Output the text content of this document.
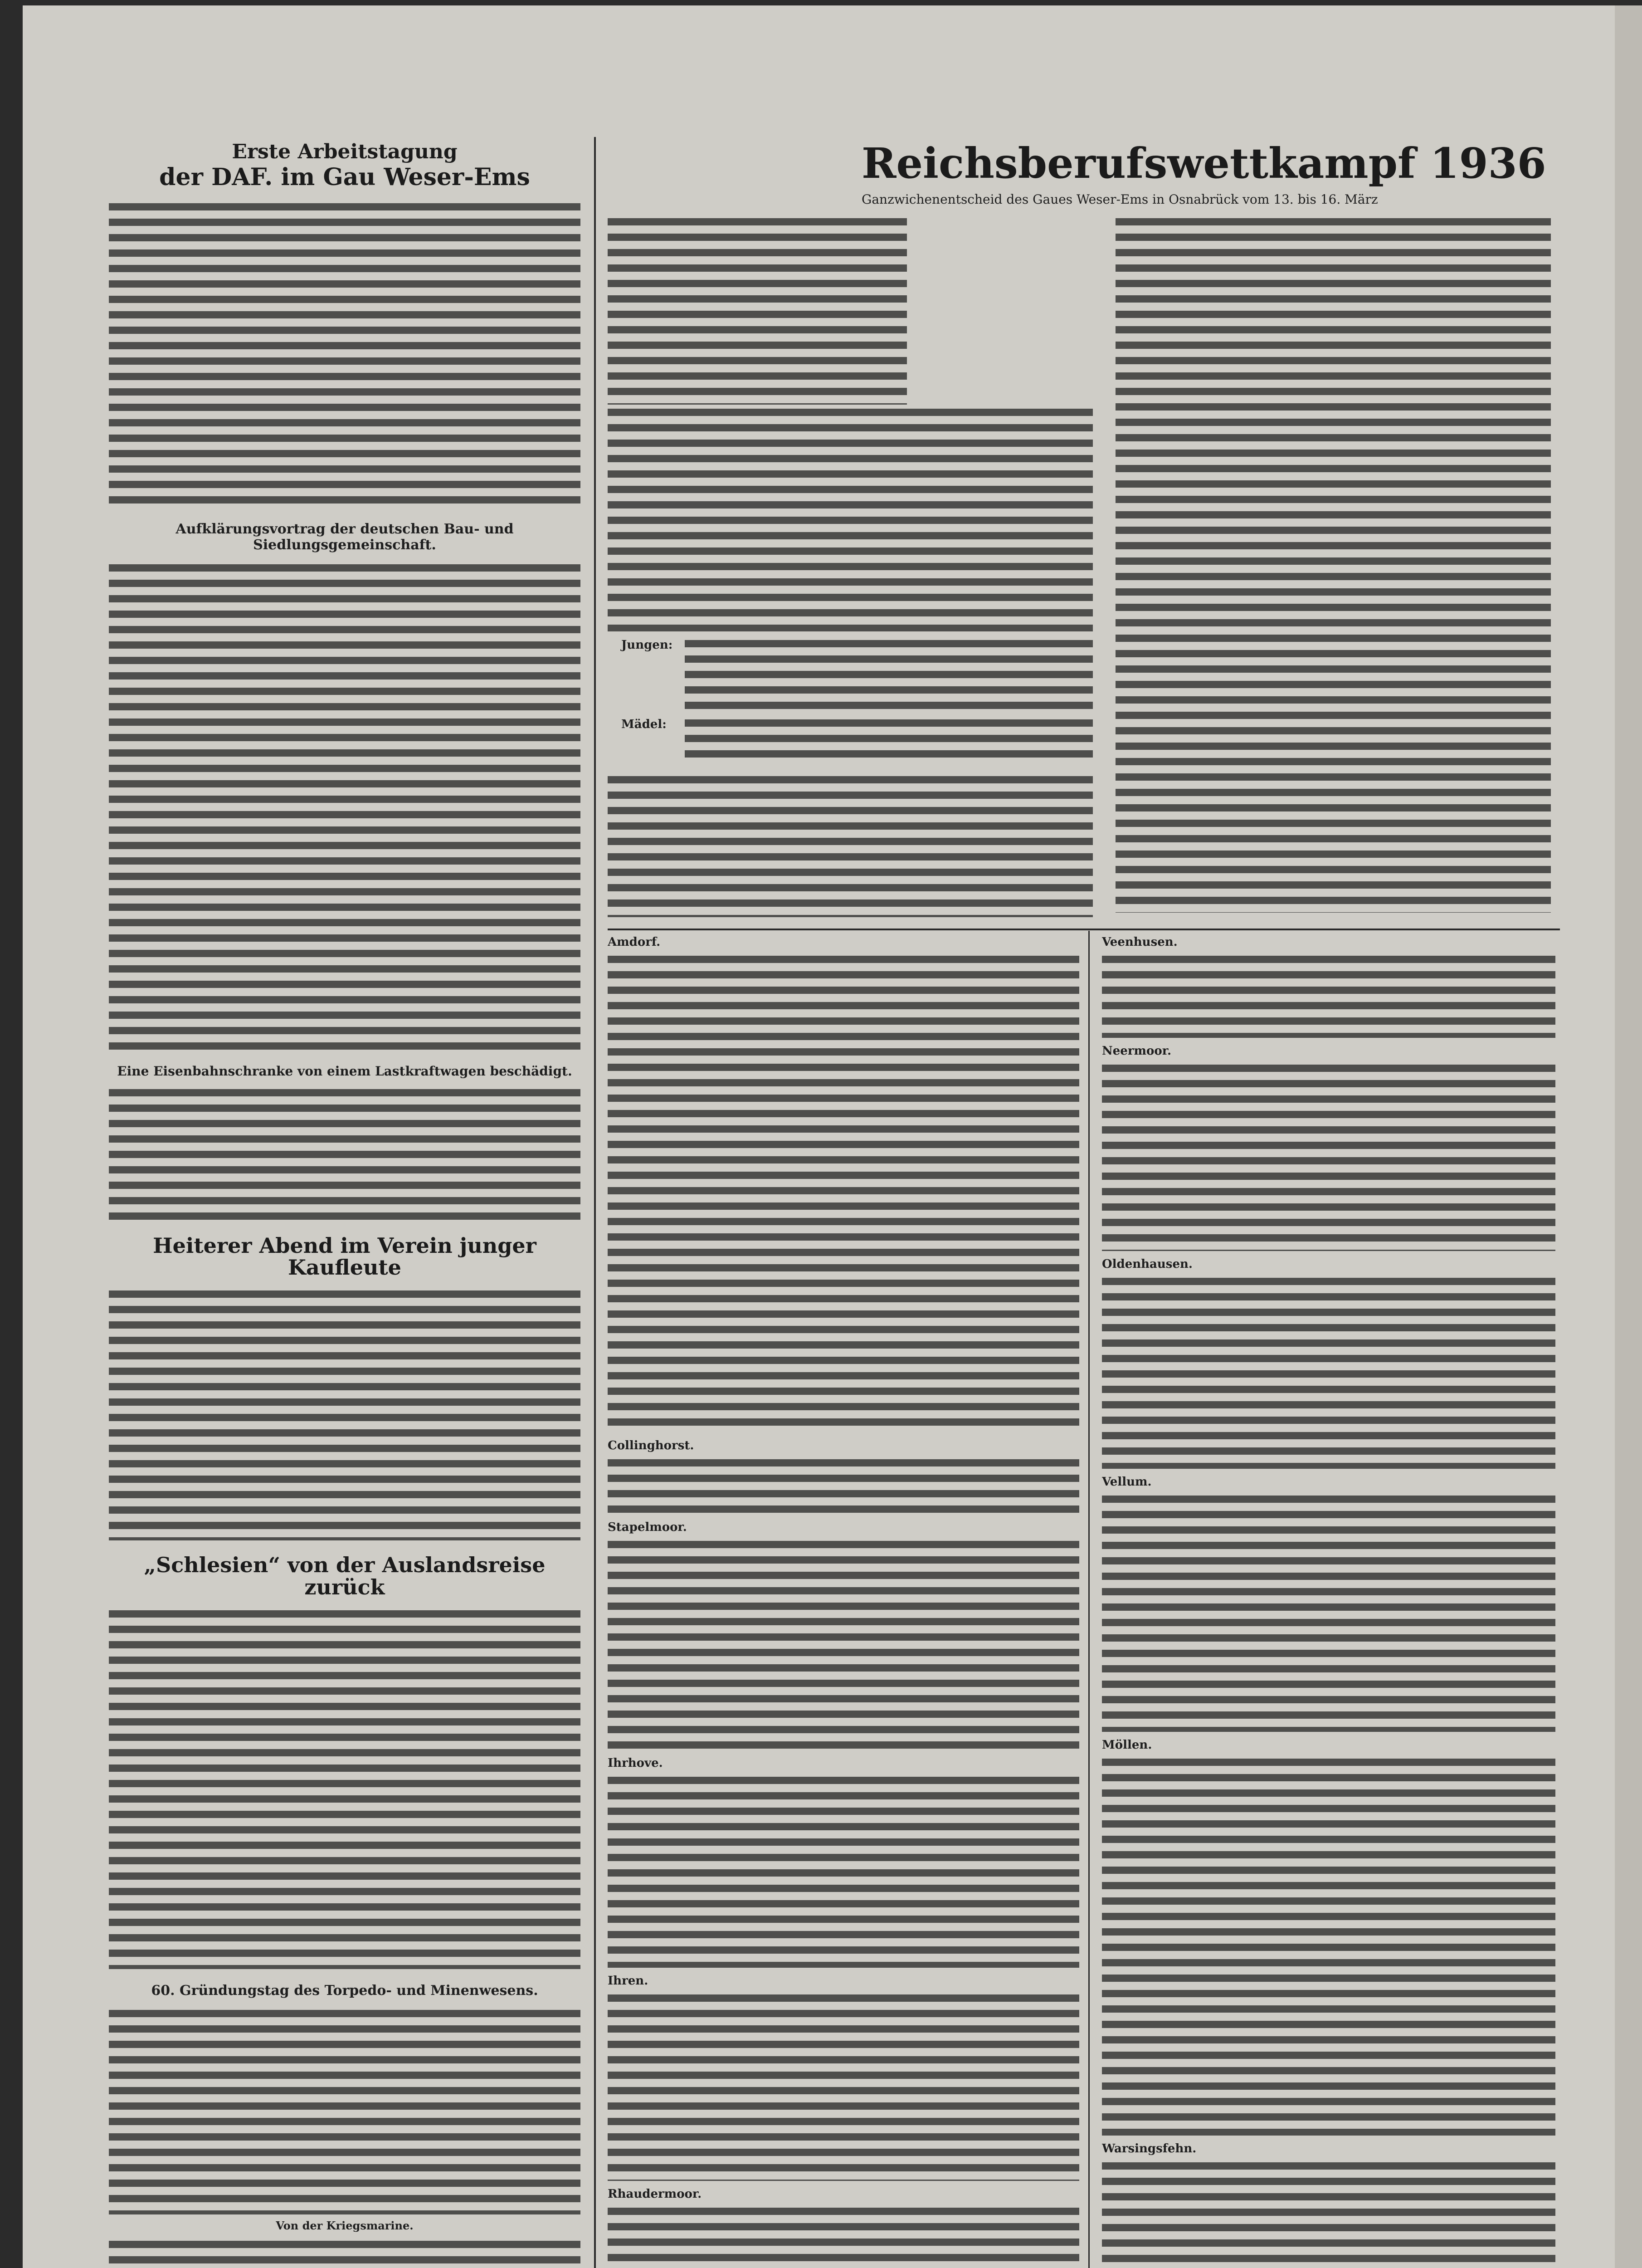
Erste Arbeitstagung

der DAF. im Gau Weser-Ems

Aufklärungsvortrag der deutschen Bau- und Siedlungsgemeinschaft.

Eine Eisenbahnschranke von einem Lastkraftwagen beschädigt.

Heiterer Abend im Verein junger Kaufleute

„Schlesien“ von der Auslandsreise zurück

60. Gründungstag des Torpedo- und Minenwesens.

Von der Kriegsmarine.

Reichsberufswettkampf 1936

Ganzwichenentscheid des Gaues Weser-Ems in Osnabrück vom 13. bis 16. März

Jungen:

Mädel:

Amdorf.

Collinghorst.

Stapelmoor.

Ihrhove.

Ihren.

Rhaudermoor.

Veenhusen.

Neermoor.

Oldenhausen.

Vellum.

Möllen.

Warsingsfehn.
